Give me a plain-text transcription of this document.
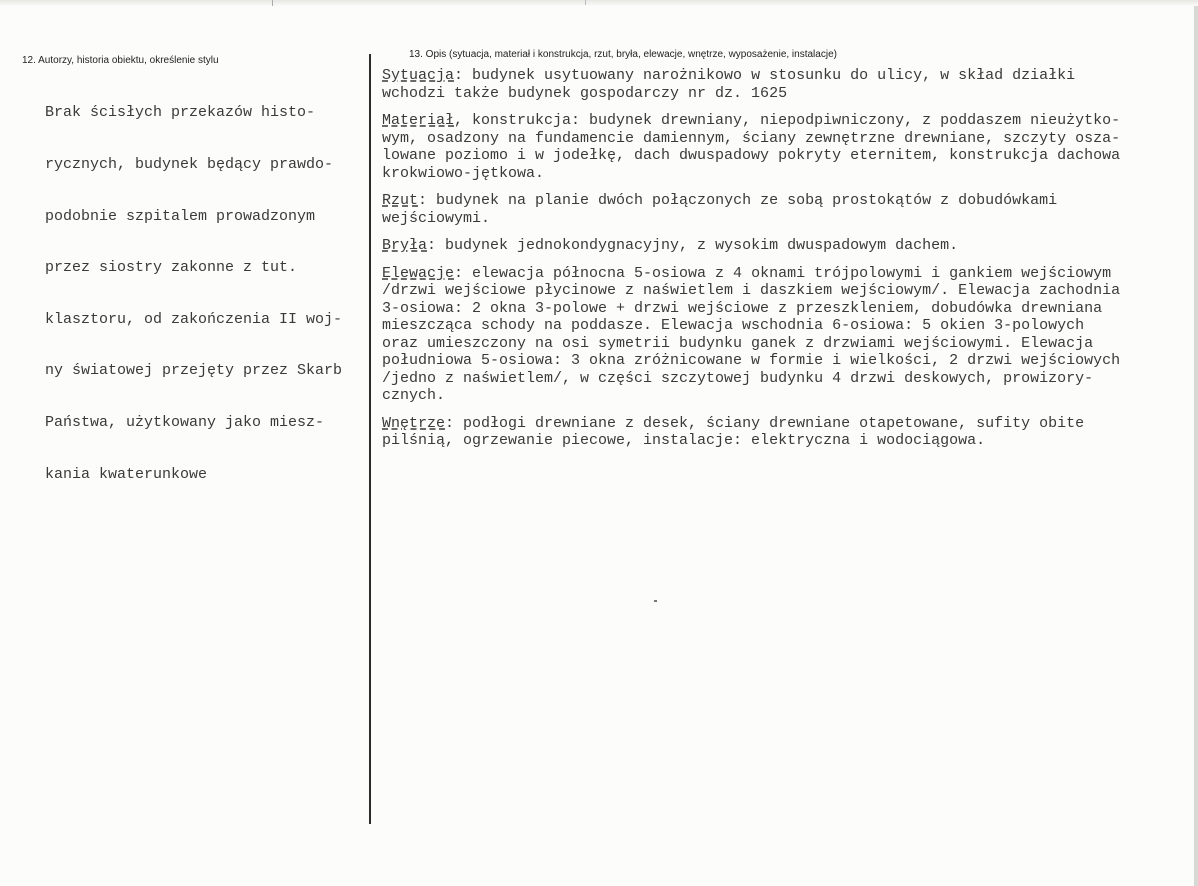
12. Autorzy, historia obiektu, określenie stylu
13. Opis (sytuacja, materiał i konstrukcja, rzut, bryła, elewacje, wnętrze, wyposażenie, instalacje)

Brak ścisłych przekazów histo-

rycznych, budynek będący prawdo-

podobnie szpitalem prowadzonym

przez siostry zakonne z tut.

klasztoru, od zakończenia II woj-

ny światowej przejęty przez Skarb

Państwa, użytkowany jako miesz-

kania kwaterunkowe

Sytuacja: budynek usytuowany narożnikowo w stosunku do ulicy, w skład działki
wchodzi także budynek gospodarczy nr dz. 1625
Materiał, konstrukcja: budynek drewniany, niepodpiwniczony, z poddaszem nieużytko-
wym, osadzony na fundamencie damiennym, ściany zewnętrzne drewniane, szczyty osza-
lowane poziomo i w jodełkę, dach dwuspadowy pokryty eternitem, konstrukcja dachowa
krokwiowo-jętkowa.
Rzut: budynek na planie dwóch połączonych ze sobą prostokątów z dobudówkami
wejściowymi.
Bryła: budynek jednokondygnacyjny, z wysokim dwuspadowym dachem.
Elewacje: elewacja północna 5-osiowa z 4 oknami trójpolowymi i gankiem wejściowym
/drzwi wejściowe płycinowe z naświetlem i daszkiem wejściowym/. Elewacja zachodnia
3-osiowa: 2 okna 3-polowe + drzwi wejściowe z przeszkleniem, dobudówka drewniana
mieszcząca schody na poddasze. Elewacja wschodnia 6-osiowa: 5 okien 3-polowych
oraz umieszczony na osi symetrii budynku ganek z drzwiami wejściowymi. Elewacja
południowa 5-osiowa: 3 okna zróżnicowane w formie i wielkości, 2 drzwi wejściowych
/jedno z naświetlem/, w części szczytowej budynku 4 drzwi deskowych, prowizory-
cznych.
Wnętrze: podłogi drewniane z desek, ściany drewniane otapetowane, sufity obite
pilśnią, ogrzewanie piecowe, instalacje: elektryczna i wodociągowa.
